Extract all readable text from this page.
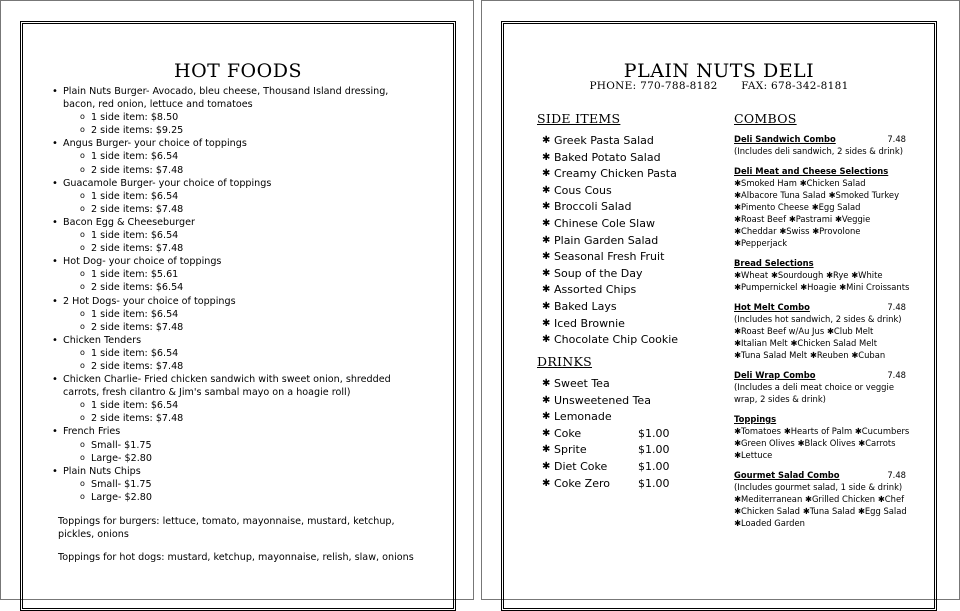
HOT FOODS
• Plain Nuts Burger- Avocado, bleu cheese, Thousand Island dressing, bacon, red onion, lettuce and tomatoes
o 1 side item: $8.50
o 2 side items: $9.25
• Angus Burger- your choice of toppings
o 1 side item: $6.54
o 2 side items: $7.48
• Guacamole Burger- your choice of toppings
o 1 side item: $6.54
o 2 side items: $7.48
• Bacon Egg & Cheeseburger
o 1 side item: $6.54
o 2 side items: $7.48
• Hot Dog- your choice of toppings
o 1 side item: $5.61
o 2 side items: $6.54
• 2 Hot Dogs- your choice of toppings
o 1 side item: $6.54
o 2 side items: $7.48
• Chicken Tenders
o 1 side item: $6.54
o 2 side items: $7.48
• Chicken Charlie- Fried chicken sandwich with sweet onion, shredded carrots, fresh cilantro & Jim's sambal mayo on a hoagie roll)
o 1 side item: $6.54
o 2 side items: $7.48
• French Fries
o Small- $1.75
o Large- $2.80
• Plain Nuts Chips
o Small- $1.75
o Large- $2.80
Toppings for burgers: lettuce, tomato, mayonnaise, mustard, ketchup, pickles, onions
Toppings for hot dogs: mustard, ketchup, mayonnaise, relish, slaw, onions
PLAIN NUTS DELI
PHONE: 770-788-8182 FAX: 678-342-8181
SIDE ITEMS
✱ Greek Pasta Salad
✱ Baked Potato Salad
✱ Creamy Chicken Pasta
✱ Cous Cous
✱ Broccoli Salad
✱ Chinese Cole Slaw
✱ Plain Garden Salad
✱ Seasonal Fresh Fruit
✱ Soup of the Day
✱ Assorted Chips
✱ Baked Lays
✱ Iced Brownie
✱ Chocolate Chip Cookie
DRINKS
✱ Sweet Tea
✱ Unsweetened Tea
✱ Lemonade
✱ Coke	$1.00
✱ Sprite	$1.00
✱ Diet Coke	$1.00
✱ Coke Zero	$1.00
COMBOS
Deli Sandwich Combo	7.48
(Includes deli sandwich, 2 sides & drink)
Deli Meat and Cheese Selections
✱Smoked Ham ✱Chicken Salad ✱Albacore Tuna Salad ✱Smoked Turkey ✱Pimento Cheese ✱Egg Salad ✱Roast Beef ✱Pastrami ✱Veggie ✱Cheddar ✱Swiss ✱Provolone ✱Pepperjack
Bread Selections
✱Wheat ✱Sourdough ✱Rye ✱White ✱Pumpernickel ✱Hoagie ✱Mini Croissants
Hot Melt Combo	7.48
(Includes hot sandwich, 2 sides & drink)
✱Roast Beef w/Au Jus ✱Club Melt ✱Italian Melt ✱Chicken Salad Melt ✱Tuna Salad Melt ✱Reuben ✱Cuban
Deli Wrap Combo	7.48
(Includes a deli meat choice or veggie wrap, 2 sides & drink)
Toppings
✱Tomatoes ✱Hearts of Palm ✱Cucumbers ✱Green Olives ✱Black Olives ✱Carrots ✱Lettuce
Gourmet Salad Combo	7.48
(Includes gourmet salad, 1 side & drink)
✱Mediterranean ✱Grilled Chicken ✱Chef ✱Chicken Salad ✱Tuna Salad ✱Egg Salad ✱Loaded Garden
